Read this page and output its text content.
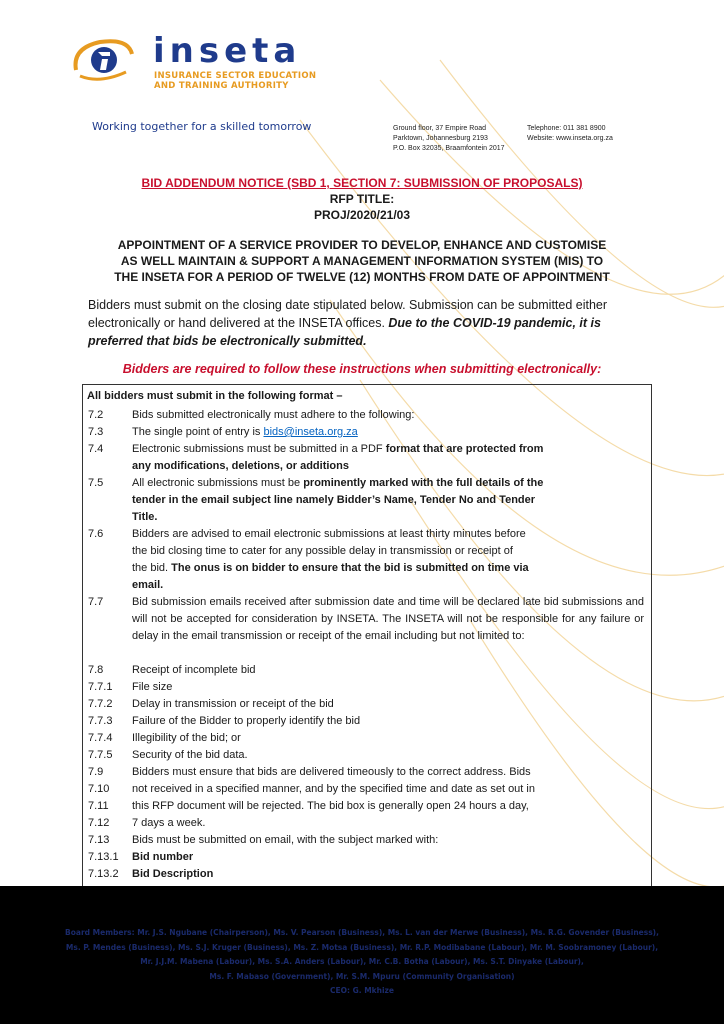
inseta
INSURANCE SECTOR EDUCATION
AND TRAINING AUTHORITY
Working together for a skilled tomorrow	Ground floor, 37 Empire Road
Parktown, Johannesburg 2193
P.O. Box 32035, Braamfontein 2017
Telephone: 011 381 8900
Website: www.inseta.org.za
BID ADDENDUM NOTICE (SBD 1, SECTION 7: SUBMISSION OF PROPOSALS)
RFP TITLE:
PROJ/2020/21/03
APPOINTMENT OF A SERVICE PROVIDER TO DEVELOP, ENHANCE AND CUSTOMISE
AS WELL MAINTAIN & SUPPORT A MANAGEMENT INFORMATION SYSTEM (MIS) TO
THE INSETA FOR A PERIOD OF TWELVE (12) MONTHS FROM DATE OF APPOINTMENT
Bidders must submit on the closing date stipulated below. Submission can be submitted either electronically or hand delivered at the INSETA offices. Due to the COVID-19 pandemic, it is preferred that bids be electronically submitted.
Bidders are required to follow these instructions when submitting electronically:
All bidders must submit in the following format –
7.2	Bids submitted electronically must adhere to the following:
7.3	The single point of entry is bids@inseta.org.za
7.4	Electronic submissions must be submitted in a PDF format that are protected from
any modifications, deletions, or additions
7.5	All electronic submissions must be prominently marked with the full details of the
tender in the email subject line namely Bidder’s Name, Tender No and Tender
Title.
7.6	Bidders are advised to email electronic submissions at least thirty minutes before
the bid closing time to cater for any possible delay in transmission or receipt of
the bid. The onus is on bidder to ensure that the bid is submitted on time via
email.
7.7	Bid submission emails received after submission date and time will be declared late bid submissions and will not be accepted for consideration by INSETA. The INSETA will not be responsible for any failure or delay in the email transmission or receipt of the email including but not limited to:
7.8	Receipt of incomplete bid
7.7.1 File size
7.7.2 Delay in transmission or receipt of the bid
7.7.3 Failure of the Bidder to properly identify the bid
7.7.4 Illegibility of the bid; or
7.7.5 Security of the bid data.
7.9	Bidders must ensure that bids are delivered timeously to the correct address. Bids
7.10 not received in a specified manner, and by the specified time and date as set out in
7.11 this RFP document will be rejected. The bid box is generally open 24 hours a day,
7.12 7 days a week.
7.13 Bids must be submitted on email, with the subject marked with:
7.13.1 Bid number
7.13.2 Bid Description
Board Members: Mr. J.S. Ngubane (Chairperson), Ms. V. Pearson (Business), Ms. L. van der Merwe (Business), Ms. R.G. Govender (Business),
Ms. P. Mendes (Business), Ms. S.J. Kruger (Business), Ms. Z. Motsa (Business), Mr. R.P. Modibabane (Labour), Mr. M. Soobramoney (Labour),
Mr. J.J.M. Mabena (Labour), Ms. S.A. Anders (Labour), Mr. C.B. Botha (Labour), Ms. S.T. Dinyake (Labour),
Ms. F. Mabaso (Government), Mr. S.M. Mpuru (Community Organisation)
CEO: G. Mkhize
